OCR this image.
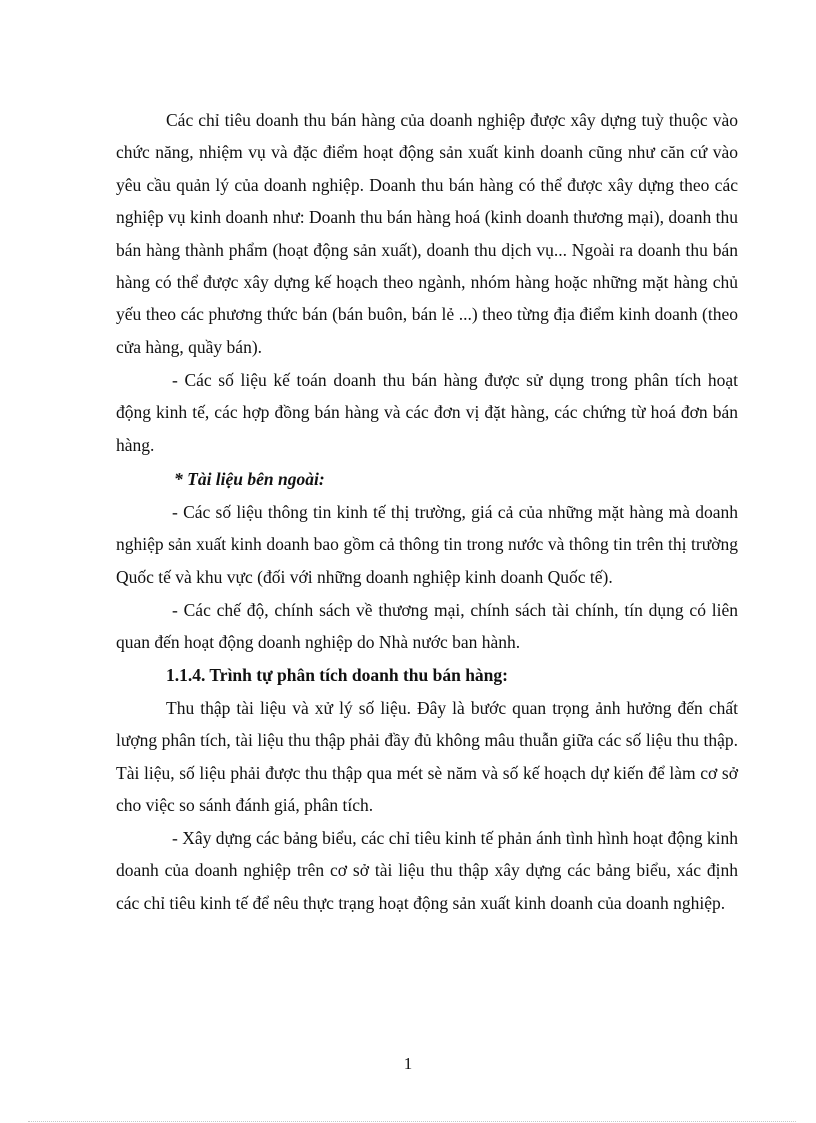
Các chỉ tiêu doanh thu bán hàng của doanh nghiệp được xây dựng tuỳ thuộc vào chức năng, nhiệm vụ và đặc điểm hoạt động sản xuất kinh doanh cũng như căn cứ vào yêu cầu quản lý của doanh nghiệp. Doanh thu bán hàng có thể được xây dựng theo các nghiệp vụ kinh doanh như: Doanh thu bán hàng hoá (kinh doanh thương mại), doanh thu bán hàng thành phẩm (hoạt động sản xuất), doanh thu dịch vụ... Ngoài ra doanh thu bán hàng có thể được xây dựng kế hoạch theo ngành, nhóm hàng hoặc những mặt hàng chủ yếu theo các phương thức bán (bán buôn, bán lẻ ...) theo từng địa điểm kinh doanh (theo cửa hàng, quầy bán).

- Các số liệu kế toán doanh thu bán hàng được sử dụng trong phân tích hoạt động kinh tế, các hợp đồng bán hàng và các đơn vị đặt hàng, các chứng từ hoá đơn bán hàng.

* Tài liệu bên ngoài:

- Các số liệu thông tin kinh tế thị trường, giá cả của những mặt hàng mà doanh nghiệp sản xuất kinh doanh bao gồm cả thông tin trong nước và thông tin trên thị trường Quốc tế và khu vực (đối với những doanh nghiệp kinh doanh Quốc tế).

- Các chế độ, chính sách về thương mại, chính sách tài chính, tín dụng có liên quan đến hoạt động doanh nghiệp do Nhà nước ban hành.

1.1.4. Trình tự phân tích doanh thu bán hàng:

Thu thập tài liệu và xử lý số liệu. Đây là bước quan trọng ảnh hưởng đến chất lượng phân tích, tài liệu thu thập phải đầy đủ không mâu thuẫn giữa các số liệu thu thập. Tài liệu, số liệu phải được thu thập qua mét sè năm và số kế hoạch dự kiến để làm cơ sở cho việc so sánh đánh giá, phân tích.

- Xây dựng các bảng biểu, các chỉ tiêu kinh tế phản ánh tình hình hoạt động kinh doanh của doanh nghiệp trên cơ sở tài liệu thu thập xây dựng các bảng biểu, xác định các chỉ tiêu kinh tế để nêu thực trạng hoạt động sản xuất kinh doanh của doanh nghiệp.

1
